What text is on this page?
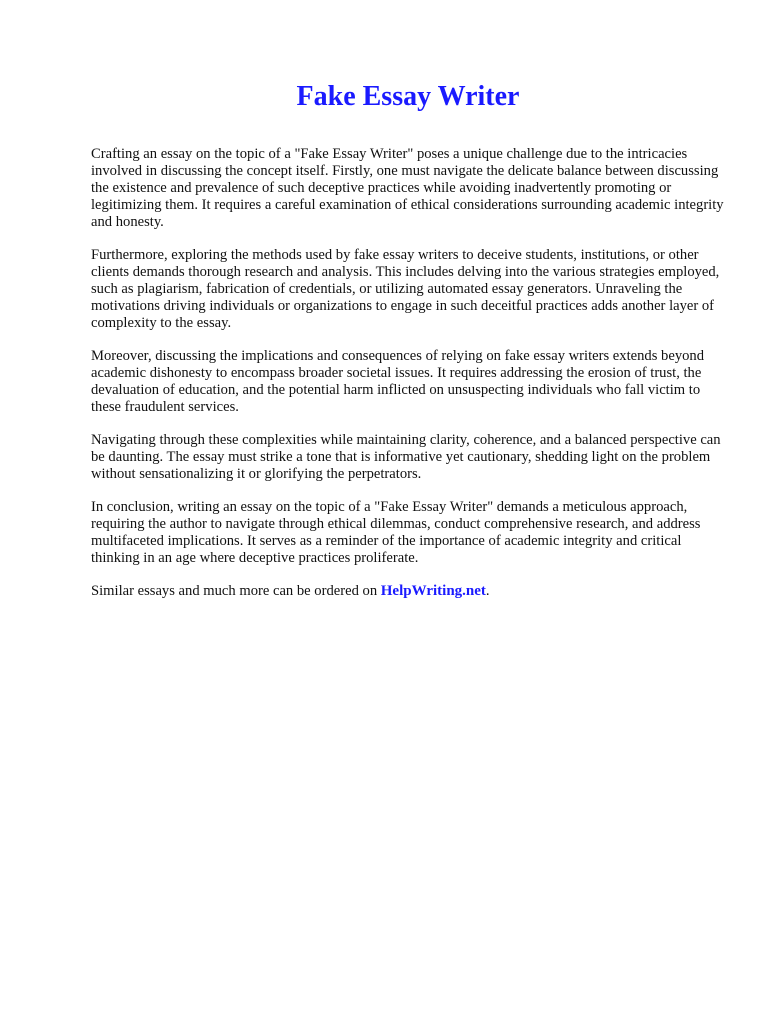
Fake Essay Writer

Crafting an essay on the topic of a "Fake Essay Writer" poses a unique challenge due to the intricacies involved in discussing the concept itself. Firstly, one must navigate the delicate balance between discussing the existence and prevalence of such deceptive practices while avoiding inadvertently promoting or legitimizing them. It requires a careful examination of ethical considerations surrounding academic integrity and honesty.

Furthermore, exploring the methods used by fake essay writers to deceive students, institutions, or other clients demands thorough research and analysis. This includes delving into the various strategies employed, such as plagiarism, fabrication of credentials, or utilizing automated essay generators. Unraveling the motivations driving individuals or organizations to engage in such deceitful practices adds another layer of complexity to the essay.

Moreover, discussing the implications and consequences of relying on fake essay writers extends beyond academic dishonesty to encompass broader societal issues. It requires addressing the erosion of trust, the devaluation of education, and the potential harm inflicted on unsuspecting individuals who fall victim to these fraudulent services.

Navigating through these complexities while maintaining clarity, coherence, and a balanced perspective can be daunting. The essay must strike a tone that is informative yet cautionary, shedding light on the problem without sensationalizing it or glorifying the perpetrators.

In conclusion, writing an essay on the topic of a "Fake Essay Writer" demands a meticulous approach, requiring the author to navigate through ethical dilemmas, conduct comprehensive research, and address multifaceted implications. It serves as a reminder of the importance of academic integrity and critical thinking in an age where deceptive practices proliferate.

Similar essays and much more can be ordered on HelpWriting.net.
